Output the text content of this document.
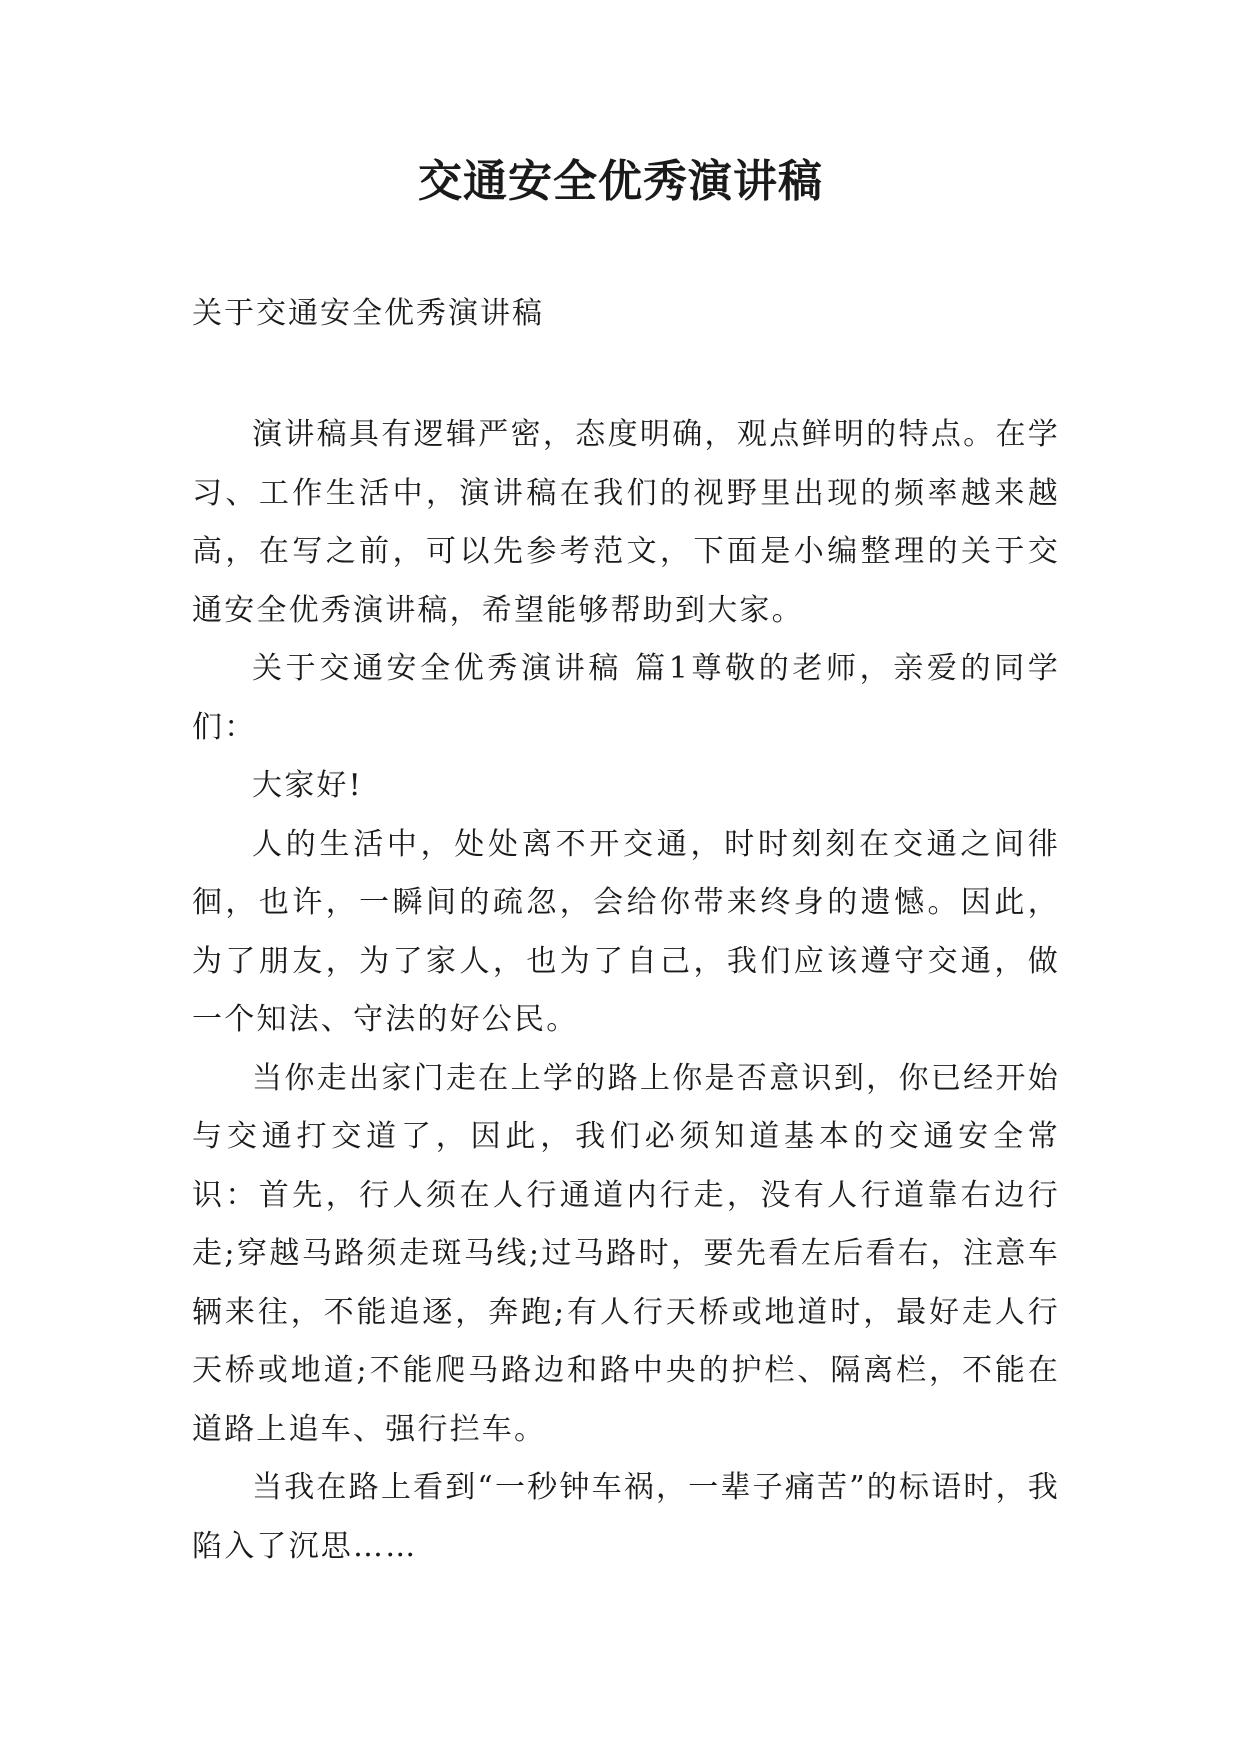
交通安全优秀演讲稿

关于交通安全优秀演讲稿

演讲稿具有逻辑严密，态度明确，观点鲜明的特点。在学习、工作生活中，演讲稿在我们的视野里出现的频率越来越高，在写之前，可以先参考范文，下面是小编整理的关于交通安全优秀演讲稿，希望能够帮助到大家。

关于交通安全优秀演讲稿 篇1尊敬的老师，亲爱的同学们：

大家好!

人的生活中，处处离不开交通，时时刻刻在交通之间徘徊，也许，一瞬间的疏忽，会给你带来终身的遗憾。因此，为了朋友，为了家人，也为了自己，我们应该遵守交通，做一个知法、守法的好公民。

当你走出家门走在上学的路上你是否意识到，你已经开始与交通打交道了，因此，我们必须知道基本的交通安全常识：首先，行人须在人行通道内行走，没有人行道靠右边行走;穿越马路须走斑马线;过马路时，要先看左后看右，注意车辆来往，不能追逐，奔跑;有人行天桥或地道时，最好走人行天桥或地道;不能爬马路边和路中央的护栏、隔离栏，不能在道路上追车、强行拦车。

当我在路上看到“一秒钟车祸，一辈子痛苦”的标语时，我陷入了沉思……
